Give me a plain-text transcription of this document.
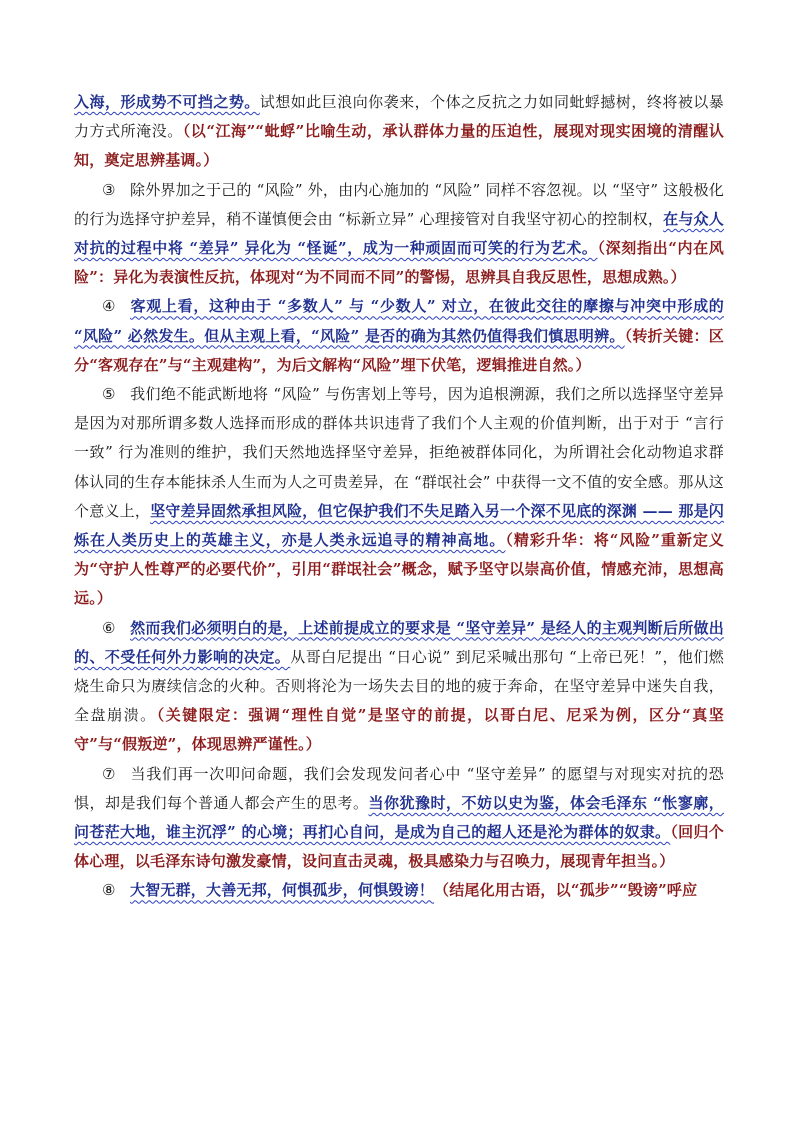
入海，形成势不可挡之势。试想如此巨浪向你袭来，个体之反抗之力如同蚍蜉撼树，终将被以暴力方式所淹没。（以“江海”“蚍蜉”比喻生动，承认群体力量的压迫性，展现对现实困境的清醒认知，奠定思辨基调。）

③ 除外界加之于己的 “风险” 外，由内心施加的 “风险” 同样不容忽视。以 “坚守” 这般极化的行为选择守护差异，稍不谨慎便会由 “标新立异” 心理接管对自我坚守初心的控制权，在与众人对抗的过程中将 “差异” 异化为 “怪诞”，成为一种顽固而可笑的行为艺术。（深刻指出“内在风险”：异化为表演性反抗，体现对“为不同而不同”的警惕，思辨具自我反思性，思想成熟。）

④ 客观上看，这种由于 “多数人” 与 “少数人” 对立，在彼此交往的摩擦与冲突中形成的 “风险” 必然发生。但从主观上看，“风险” 是否的确为其然仍值得我们慎思明辨。（转折关键：区分“客观存在”与“主观建构”，为后文解构“风险”埋下伏笔，逻辑推进自然。）

⑤ 我们绝不能武断地将 “风险” 与伤害划上等号，因为追根溯源，我们之所以选择坚守差异是因为对那所谓多数人选择而形成的群体共识违背了我们个人主观的价值判断，出于对于 “言行一致” 行为准则的维护，我们天然地选择坚守差异，拒绝被群体同化，为所谓社会化动物追求群体认同的生存本能抹杀人生而为人之可贵差异，在 “群氓社会” 中获得一文不值的安全感。那从这个意义上，坚守差异固然承担风险，但它保护我们不失足踏入另一个深不见底的深渊 —— 那是闪烁在人类历史上的英雄主义，亦是人类永远追寻的精神高地。（精彩升华：将“风险”重新定义为“守护人性尊严的必要代价”，引用“群氓社会”概念，赋予坚守以崇高价值，情感充沛，思想高远。）

⑥ 然而我们必须明白的是，上述前提成立的要求是 “坚守差异” 是经人的主观判断后所做出的、不受任何外力影响的决定。从哥白尼提出 “日心说” 到尼采喊出那句 “上帝已死！”，他们燃烧生命只为赓续信念的火种。否则将沦为一场失去目的地的疲于奔命，在坚守差异中迷失自我，全盘崩溃。（关键限定：强调“理性自觉”是坚守的前提，以哥白尼、尼采为例，区分“真坚守”与“假叛逆”，体现思辨严谨性。）

⑦ 当我们再一次叩问命题，我们会发现发问者心中 “坚守差异” 的愿望与对现实对抗的恐惧，却是我们每个普通人都会产生的思考。当你犹豫时，不妨以史为鉴，体会毛泽东 “怅寥廓，问苍茫大地，谁主沉浮” 的心境；再扪心自问，是成为自己的超人还是沦为群体的奴隶。（回归个体心理，以毛泽东诗句激发豪情，设问直击灵魂，极具感染力与召唤力，展现青年担当。）

⑧ 大智无群，大善无邦，何惧孤步，何惧毁谤！（结尾化用古语，以“孤步”“毁谤”呼应
